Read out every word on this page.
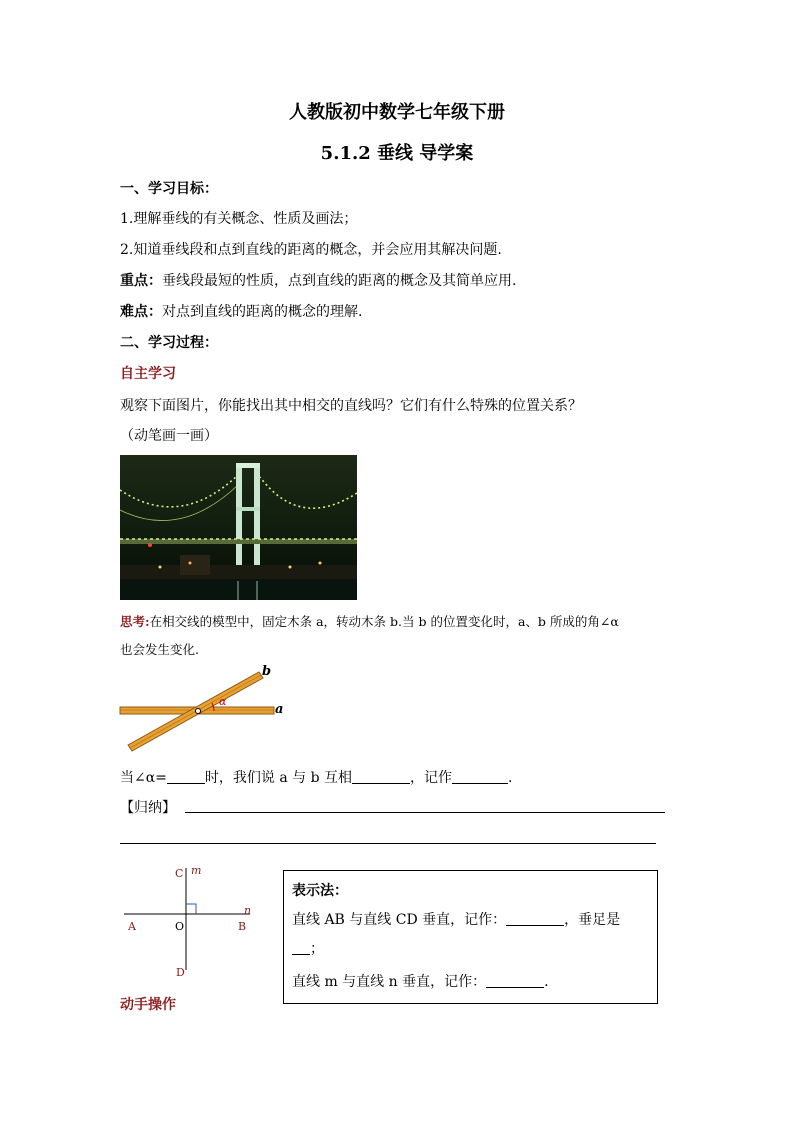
人教版初中数学七年级下册
5.1.2 垂线 导学案
一、学习目标：
1.理解垂线的有关概念、性质及画法；
2.知道垂线段和点到直线的距离的概念，并会应用其解决问题.
重点：垂线段最短的性质，点到直线的距离的概念及其简单应用.
难点：对点到直线的距离的概念的理解.
二、学习过程：
自主学习
观察下面图片，你能找出其中相交的直线吗？它们有什么特殊的位置关系？
（动笔画一画）
思考:在相交线的模型中，固定木条 a，转动木条 b.当 b 的位置变化时，a、b 所成的角∠α
也会发生变化.
b
a
α
当∠α=	时，我们说 a 与 b 互相	，记作	.
【归纳】
C m
A	O	B
n
D
表示法：
直线 AB 与直线 CD 垂直，记作：	，垂足是
；
直线 m 与直线 n 垂直，记作：	.
动手操作
